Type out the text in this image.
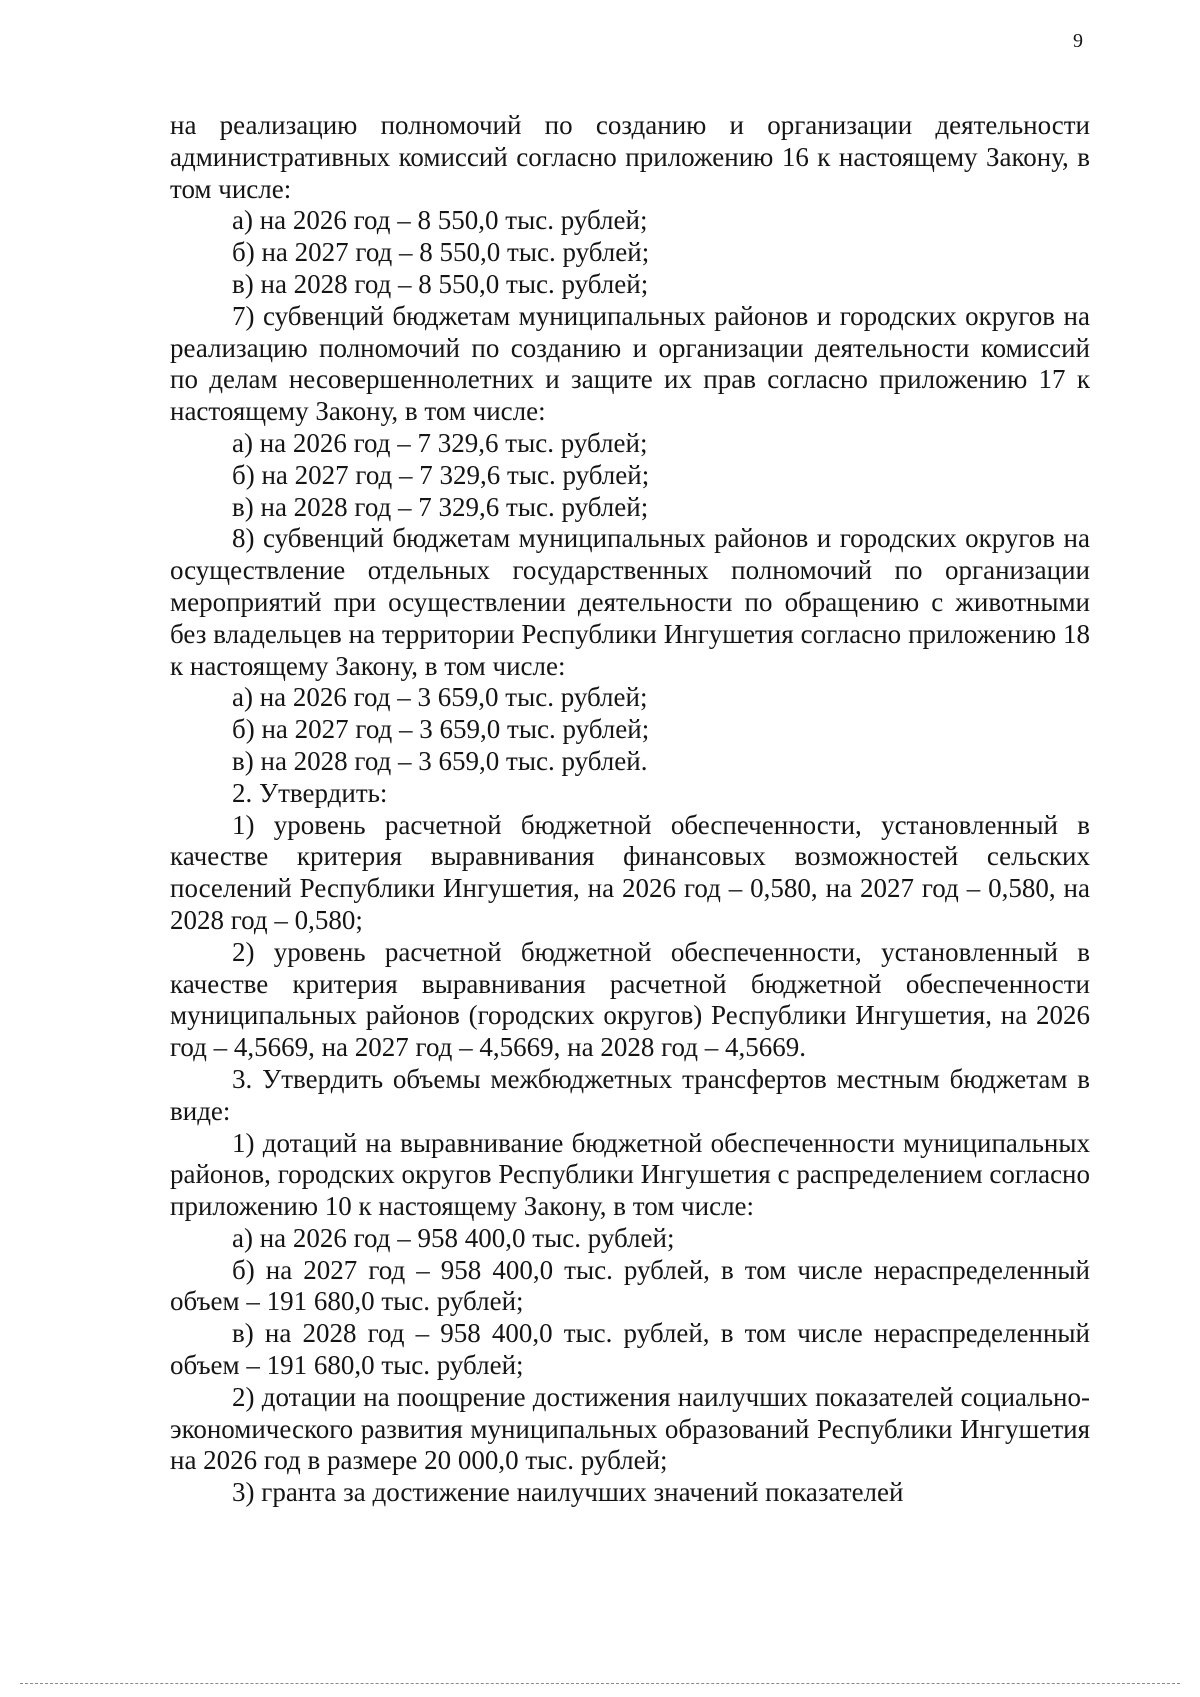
9

на реализацию полномочий по созданию и организации деятельности административных комиссий согласно приложению 16 к настоящему Закону, в том числе:

а) на 2026 год – 8 550,0 тыс. рублей;

б) на 2027 год – 8 550,0 тыс. рублей;

в) на 2028 год – 8 550,0 тыс. рублей;

7) субвенций бюджетам муниципальных районов и городских округов на реализацию полномочий по созданию и организации деятельности комиссий по делам несовершеннолетних и защите их прав согласно приложению 17 к настоящему Закону, в том числе:

а) на 2026 год – 7 329,6 тыс. рублей;

б) на 2027 год – 7 329,6 тыс. рублей;

в) на 2028 год – 7 329,6 тыс. рублей;

8) субвенций бюджетам муниципальных районов и городских округов на осуществление отдельных государственных полномочий по организации мероприятий при осуществлении деятельности по обращению с животными без владельцев на территории Республики Ингушетия согласно приложению 18 к настоящему Закону, в том числе:

а) на 2026 год – 3 659,0 тыс. рублей;

б) на 2027 год – 3 659,0 тыс. рублей;

в) на 2028 год – 3 659,0 тыс. рублей.

2. Утвердить:

1) уровень расчетной бюджетной обеспеченности, установленный в качестве критерия выравнивания финансовых возможностей сельских поселений Республики Ингушетия, на 2026 год – 0,580, на 2027 год – 0,580, на 2028 год – 0,580;

2) уровень расчетной бюджетной обеспеченности, установленный в качестве критерия выравнивания расчетной бюджетной обеспеченности муниципальных районов (городских округов) Республики Ингушетия, на 2026 год – 4,5669, на 2027 год – 4,5669, на 2028 год – 4,5669.

3. Утвердить объемы межбюджетных трансфертов местным бюджетам в виде:

1) дотаций на выравнивание бюджетной обеспеченности муниципальных районов, городских округов Республики Ингушетия с распределением согласно приложению 10 к настоящему Закону, в том числе:

а) на 2026 год – 958 400,0 тыс. рублей;

б) на 2027 год – 958 400,0 тыс. рублей, в том числе нераспределенный объем – 191 680,0 тыс. рублей;

в) на 2028 год – 958 400,0 тыс. рублей, в том числе нераспределенный объем – 191 680,0 тыс. рублей;

2) дотации на поощрение достижения наилучших показателей социально-экономического развития муниципальных образований Республики Ингушетия на 2026 год в размере 20 000,0 тыс. рублей;

3) гранта за достижение наилучших значений показателей
